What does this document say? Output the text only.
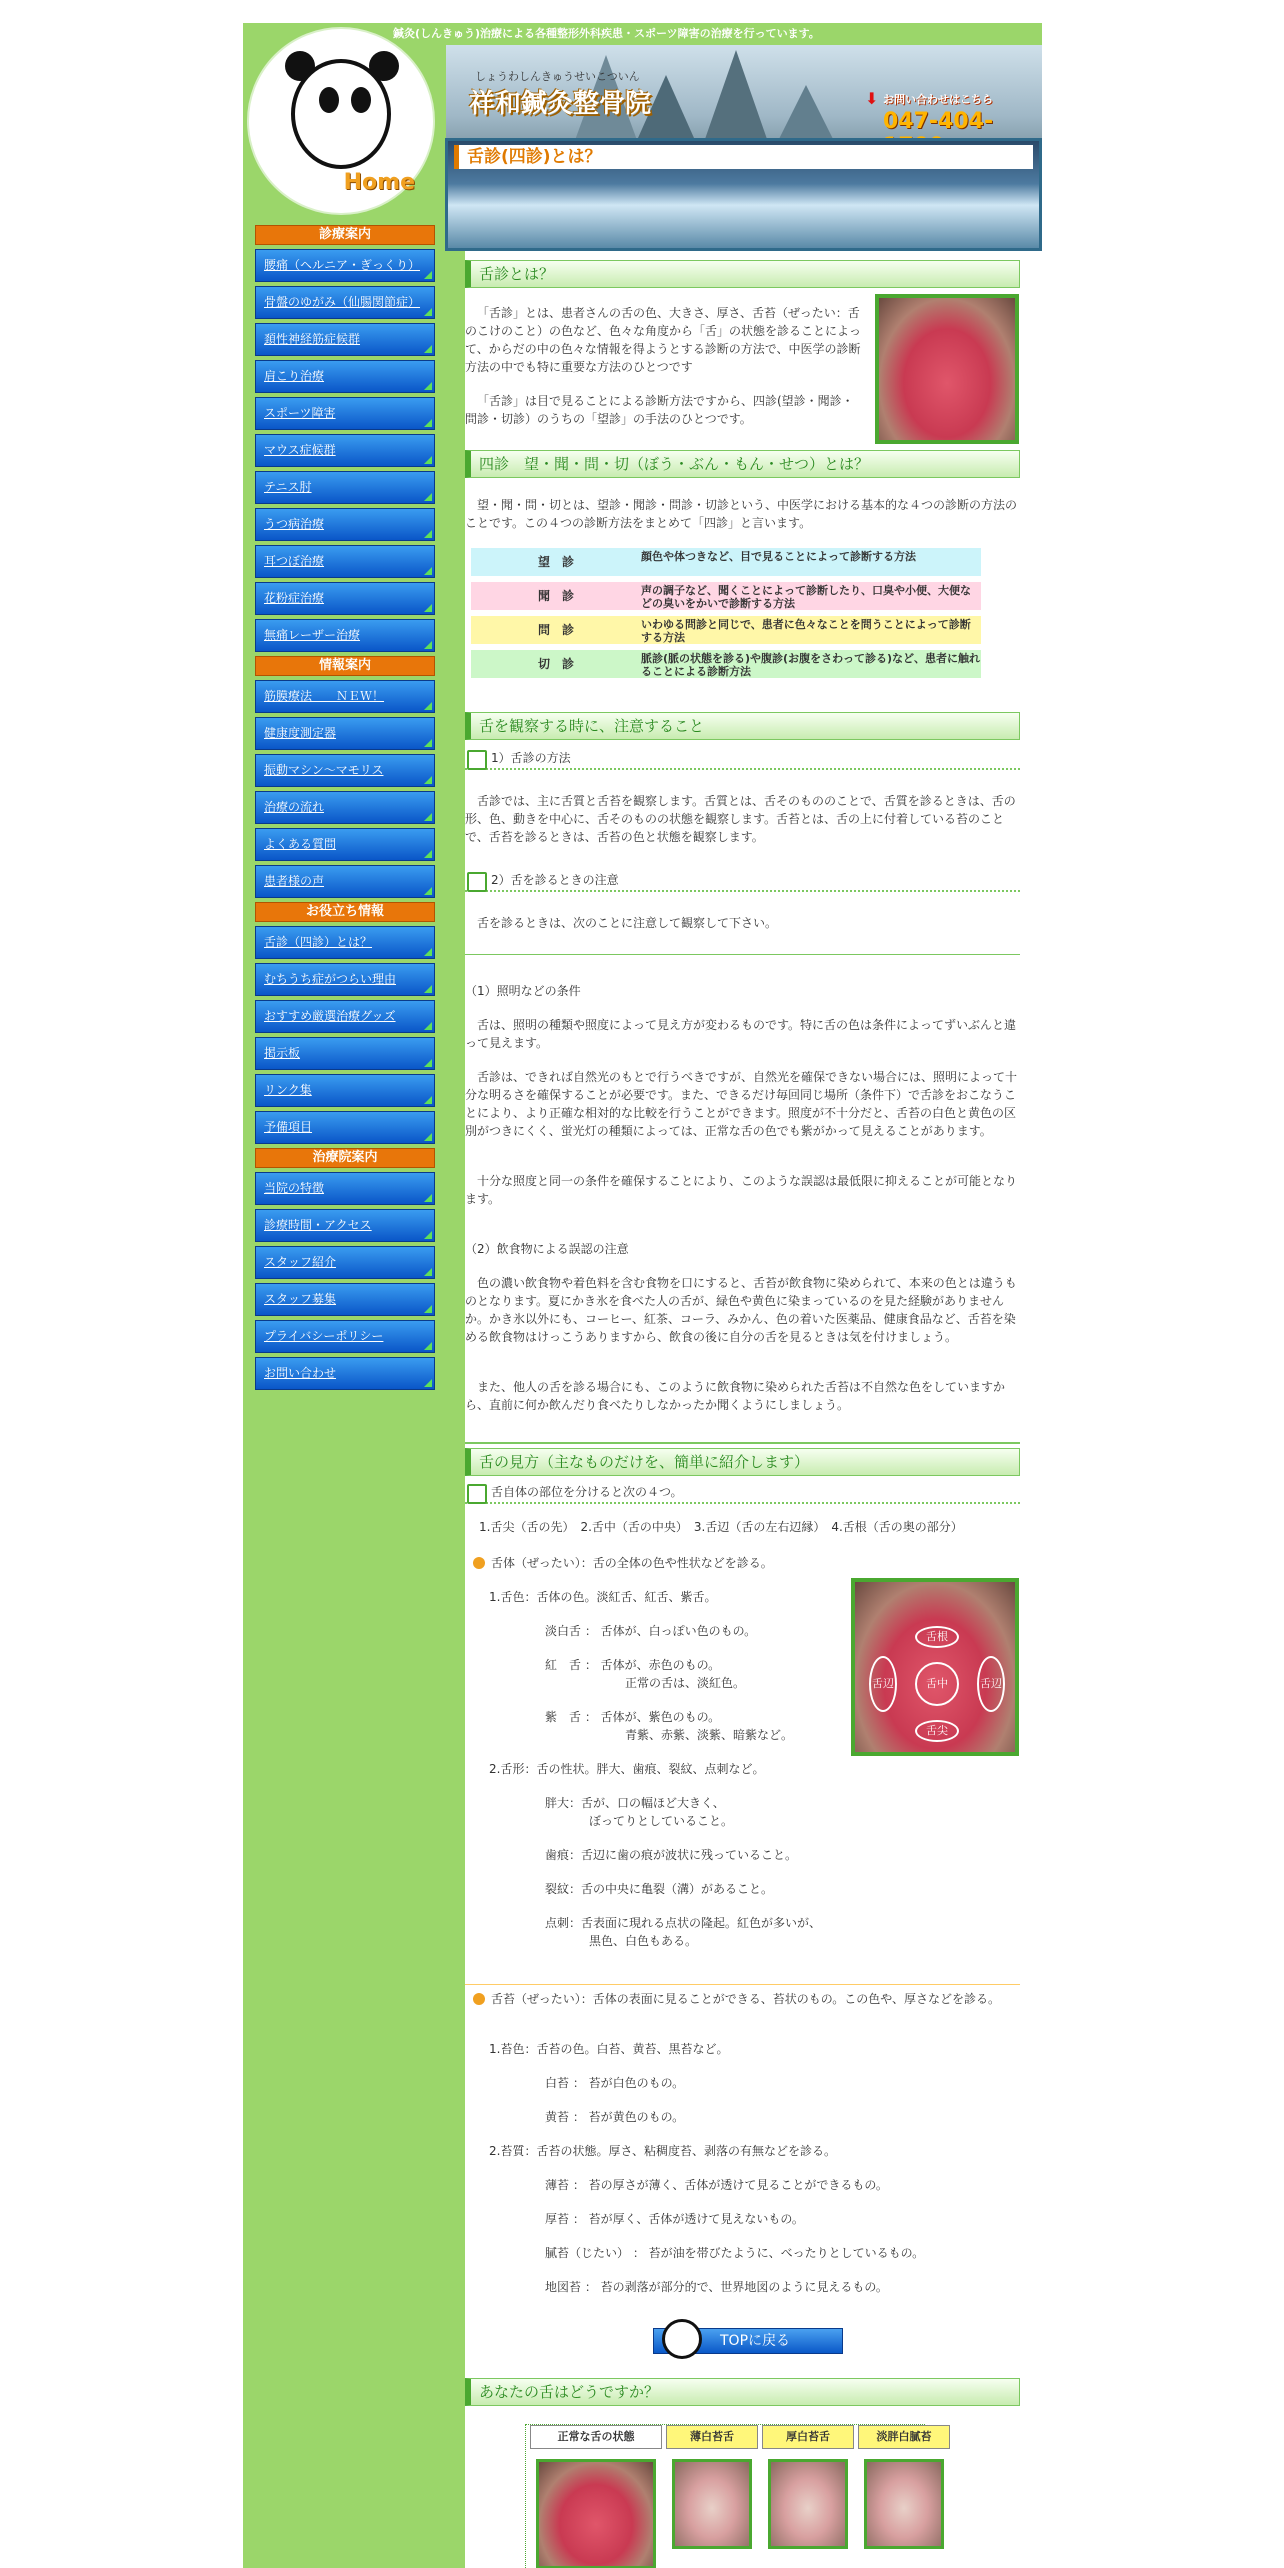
鍼灸(しんきゅう)治療による各種整形外科疾患・スポーツ障害の治療を行っています。
Home
しょうわしんきゅうせいこついん
祥和鍼灸整骨院	⬇ お問い合わせはこちら
047-404-
舌診(四診)とは？
診療案内
腰痛（ヘルニア・ぎっくり）
骨盤のゆがみ（仙腸関節症）
頚性神経筋症候群
肩こり治療
スポーツ障害
マウス症候群
テニス肘
うつ病治療
耳つぼ治療
花粉症治療
無痛レーザー治療
情報案内
筋膜療法　　ＮＥＷ！
健康度測定器
振動マシン〜マモリス
治療の流れ
よくある質問
患者様の声
お役立ち情報
舌診（四診）とは？
むちうち症がつらい理由
おすすめ厳選治療グッズ
掲示板
リンク集
予備項目
治療院案内
当院の特徴
診療時間・アクセス
スタッフ紹介
スタッフ募集
プライバシーポリシー
お問い合わせ
舌診とは？
「舌診」とは、患者さんの舌の色、大きさ、厚さ、舌苔（ぜったい：舌のこけのこと）の色など、色々な角度から「舌」の状態を診ることによって、からだの中の色々な情報を得ようとする診断の方法で、中医学の診断方法の中でも特に重要な方法のひとつです
「舌診」は目で見ることによる診断方法ですから、四診(望診・聞診・問診・切診）のうちの「望診」の手法のひとつです。
四診　望・聞・問・切（ぼう・ぶん・もん・せつ）とは？
望・聞・問・切とは、望診・聞診・問診・切診という、中医学における基本的な４つの診断の方法のことです。この４つの診断方法をまとめて「四診」と言います。
望　診	顔色や体つきなど、目で見ることによって診断する方法
聞　診	声の調子など、聞くことによって診断したり、口臭や小便、大便などの臭いをかいで診断する方法
問　診	いわゆる問診と同じで、患者に色々なことを問うことによって診断する方法
切　診	脈診(脈の状態を診る)や腹診(お腹をさわって診る)など、患者に触れることによる診断方法
舌を観察する時に、注意すること
1）舌診の方法
舌診では、主に舌質と舌苔を観察します。舌質とは、舌そのもののことで、舌質を診るときは、舌の形、色、動きを中心に、舌そのものの状態を観察します。舌苔とは、舌の上に付着している苔のことで、舌苔を診るときは、舌苔の色と状態を観察します。
2）舌を診るときの注意
舌を診るときは、次のことに注意して観察して下さい。
（1）照明などの条件
舌は、照明の種類や照度によって見え方が変わるものです。特に舌の色は条件によってずいぶんと違って見えます。
舌診は、できれば自然光のもとで行うべきですが、自然光を確保できない場合には、照明によって十分な明るさを確保することが必要です。また、できるだけ毎回同じ場所（条件下）で舌診をおこなうことにより、より正確な相対的な比較を行うことができます。照度が不十分だと、舌苔の白色と黄色の区別がつきにくく、蛍光灯の種類によっては、正常な舌の色でも紫がかって見えることがあります。
十分な照度と同一の条件を確保することにより、このような誤認は最低限に抑えることが可能となります。
（2）飲食物による誤認の注意
色の濃い飲食物や着色料を含む食物を口にすると、舌苔が飲食物に染められて、本来の色とは違うものとなります。夏にかき氷を食べた人の舌が、緑色や黄色に染まっているのを見た経験がありませんか。かき氷以外にも、コーヒー、紅茶、コーラ、みかん、色の着いた医薬品、健康食品など、舌苔を染める飲食物はけっこうありますから、飲食の後に自分の舌を見るときは気を付けましょう。
また、他人の舌を診る場合にも、このように飲食物に染められた舌苔は不自然な色をしていますから、直前に何か飲んだり食べたりしなかったか聞くようにしましょう。
舌の見方（主なものだけを、簡単に紹介します）
舌自体の部位を分けると次の４つ。
1.舌尖（舌の先）　2.舌中（舌の中央）　3.舌辺（舌の左右辺縁）　4.舌根（舌の奥の部分）
舌体（ぜったい）：舌の全体の色や性状などを診る。
1.舌色：舌体の色。淡紅舌、紅舌、紫舌。
淡白舌 ： 舌体が、白っぽい色のもの。
紅　舌 ： 舌体が、赤色のもの。
正常の舌は、淡紅色。
紫　舌 ： 舌体が、紫色のもの。
青紫、赤紫、淡紫、暗紫など。
2.舌形：舌の性状。胖大、歯痕、裂紋、点刺など。
胖大：舌が、口の幅ほど大きく、
ぼってりとしていること。
歯痕：舌辺に歯の痕が波状に残っていること。
裂紋：舌の中央に亀裂（溝）があること。
点刺：舌表面に現れる点状の隆起。紅色が多いが、
黒色、白色もある。
舌根
舌中
舌辺	舌辺
舌尖
舌苔（ぜったい）：舌体の表面に見ることができる、苔状のもの。この色や、厚さなどを診る。
1.苔色：舌苔の色。白苔、黄苔、黒苔など。
白苔 ： 苔が白色のもの。
黄苔 ： 苔が黄色のもの。
2.苔質：舌苔の状態。厚さ、粘稠度苔、剥落の有無などを診る。
薄苔 ： 苔の厚さが薄く、舌体が透けて見ることができるもの。
厚苔 ： 苔が厚く、舌体が透けて見えないもの。
膩苔（じたい） ： 苔が油を帯びたように、べったりとしているもの。
地図苔 ： 苔の剥落が部分的で、世界地図のように見えるもの。
TOPに戻る
あなたの舌はどうですか？
正常な舌の状態	薄白苔舌	厚白苔舌	淡胖白膩苔
